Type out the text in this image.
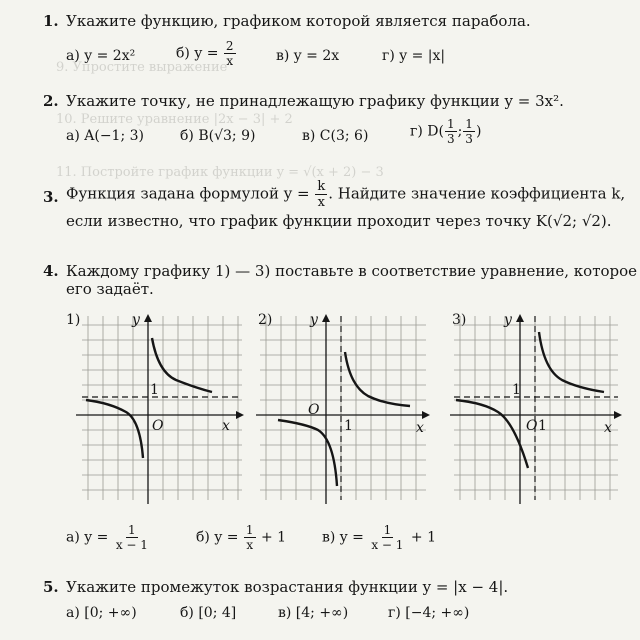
9. Упростите выражение
10. Решите уравнение |2x − 3| + 2
11. Постройте график функции y = √(x + 2) − 3
1. Укажите функцию, графиком которой является парабола.
а) y = 2x²	б) $y = \frac{2}{x}$	в) y = 2x	г) y = |x|
2. Укажите точку, не принадлежащую графику функции y = 3x².
а) A(−1; 3)	б) B(√3; 9)	в) C(3; 6)	г) $D( \frac{1}{3}$ ; $\frac{1}{3}$ )
3. Функция задана формулой $y = \frac{k}{x}$ . Найдите значение коэффициента k,
если известно, что график функции проходит через точку K(√2; √2).
4. Каждому графику 1) — 3) поставьте в соответствие уравнение, которое
его задаёт.
1)	y
1
O	x
2)	y
O
1	x
3)	y
1
O 1	x
а) $y = \frac{1}{x - 1}$	б) $y = \frac{1}{x} + 1$	в) $y = \frac{1}{x - 1} + 1$
5. Укажите промежуток возрастания функции y = |x − 4|.
а) [0; +∞)	б) [0; 4]	в) [4; +∞)	г) [−4; +∞)
